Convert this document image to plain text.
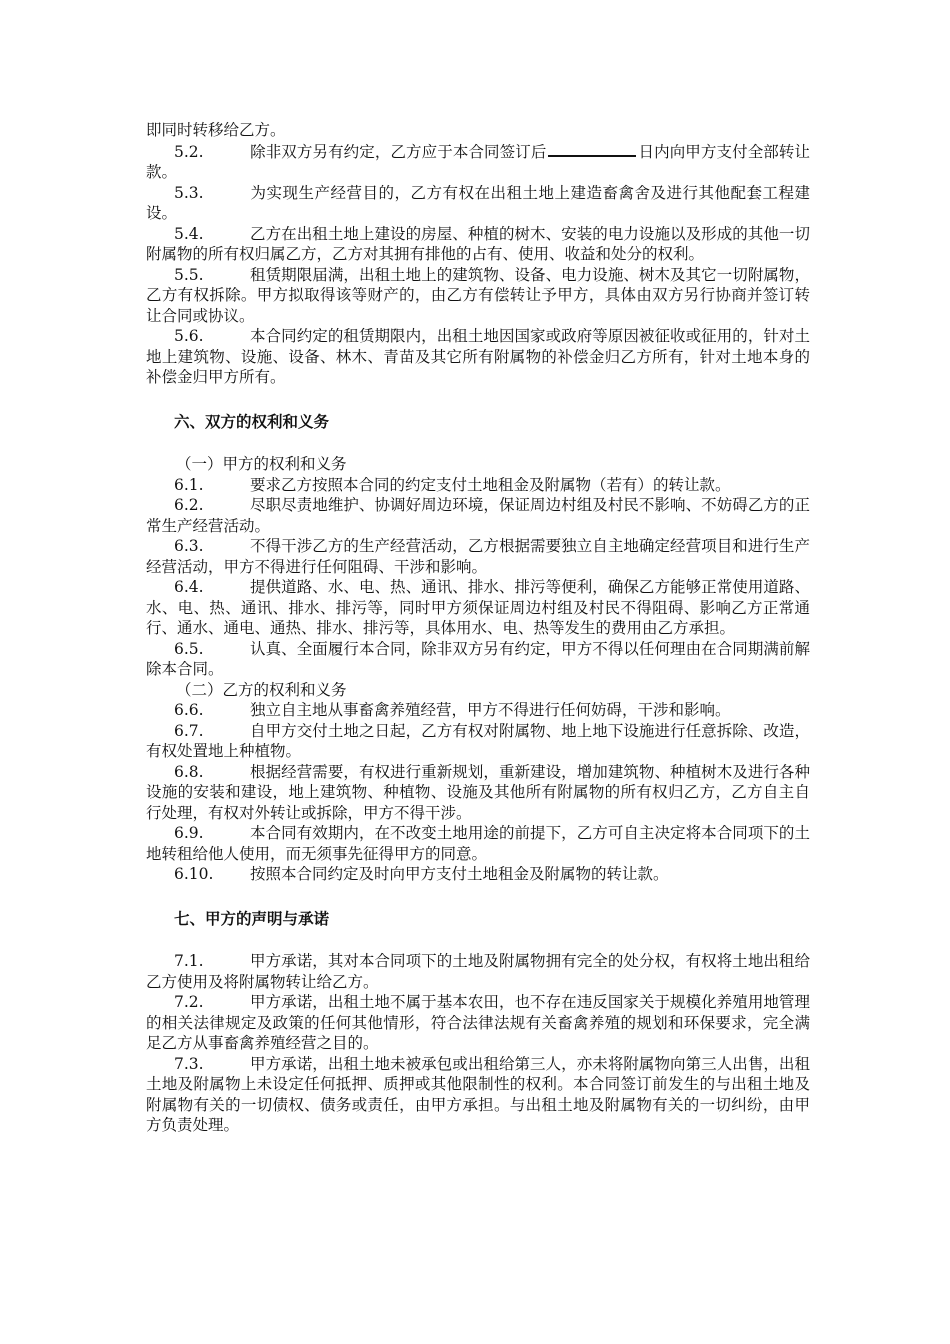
即同时转移给乙方。

5.2.	除非双方另有约定，乙方应于本合同签订后	日内向甲方支付全部转让款。

5.3.	为实现生产经营目的，乙方有权在出租土地上建造畜禽舍及进行其他配套工程建设。

5.4.	乙方在出租土地上建设的房屋、种植的树木、安装的电力设施以及形成的其他一切附属物的所有权归属乙方，乙方对其拥有排他的占有、使用、收益和处分的权利。

5.5.	租赁期限届满，出租土地上的建筑物、设备、电力设施、树木及其它一切附属物，乙方有权拆除。甲方拟取得该等财产的，由乙方有偿转让予甲方，具体由双方另行协商并签订转让合同或协议。

5.6.	本合同约定的租赁期限内，出租土地因国家或政府等原因被征收或征用的，针对土地上建筑物、设施、设备、林木、青苗及其它所有附属物的补偿金归乙方所有，针对土地本身的补偿金归甲方所有。

六、双方的权利和义务

（一）甲方的权利和义务

6.1.	要求乙方按照本合同的约定支付土地租金及附属物（若有）的转让款。

6.2.	尽职尽责地维护、协调好周边环境，保证周边村组及村民不影响、不妨碍乙方的正常生产经营活动。

6.3.	不得干涉乙方的生产经营活动，乙方根据需要独立自主地确定经营项目和进行生产经营活动，甲方不得进行任何阻碍、干涉和影响。

6.4.	提供道路、水、电、热、通讯、排水、排污等便利，确保乙方能够正常使用道路、水、电、热、通讯、排水、排污等，同时甲方须保证周边村组及村民不得阻碍、影响乙方正常通行、通水、通电、通热、排水、排污等，具体用水、电、热等发生的费用由乙方承担。

6.5.	认真、全面履行本合同，除非双方另有约定，甲方不得以任何理由在合同期满前解除本合同。

（二）乙方的权利和义务

6.6.	独立自主地从事畜禽养殖经营，甲方不得进行任何妨碍，干涉和影响。

6.7.	自甲方交付土地之日起，乙方有权对附属物、地上地下设施进行任意拆除、改造，有权处置地上种植物。

6.8.	根据经营需要，有权进行重新规划，重新建设，增加建筑物、种植树木及进行各种设施的安装和建设，地上建筑物、种植物、设施及其他所有附属物的所有权归乙方，乙方自主自行处理，有权对外转让或拆除，甲方不得干涉。

6.9.	本合同有效期内，在不改变土地用途的前提下，乙方可自主决定将本合同项下的土地转租给他人使用，而无须事先征得甲方的同意。

6.10. 按照本合同约定及时向甲方支付土地租金及附属物的转让款。

七、甲方的声明与承诺

7.1.	甲方承诺，其对本合同项下的土地及附属物拥有完全的处分权，有权将土地出租给乙方使用及将附属物转让给乙方。

7.2.	甲方承诺，出租土地不属于基本农田，也不存在违反国家关于规模化养殖用地管理的相关法律规定及政策的任何其他情形，符合法律法规有关畜禽养殖的规划和环保要求，完全满足乙方从事畜禽养殖经营之目的。

7.3.	甲方承诺，出租土地未被承包或出租给第三人，亦未将附属物向第三人出售，出租土地及附属物上未设定任何抵押、质押或其他限制性的权利。本合同签订前发生的与出租土地及附属物有关的一切债权、债务或责任，由甲方承担。与出租土地及附属物有关的一切纠纷，由甲方负责处理。
